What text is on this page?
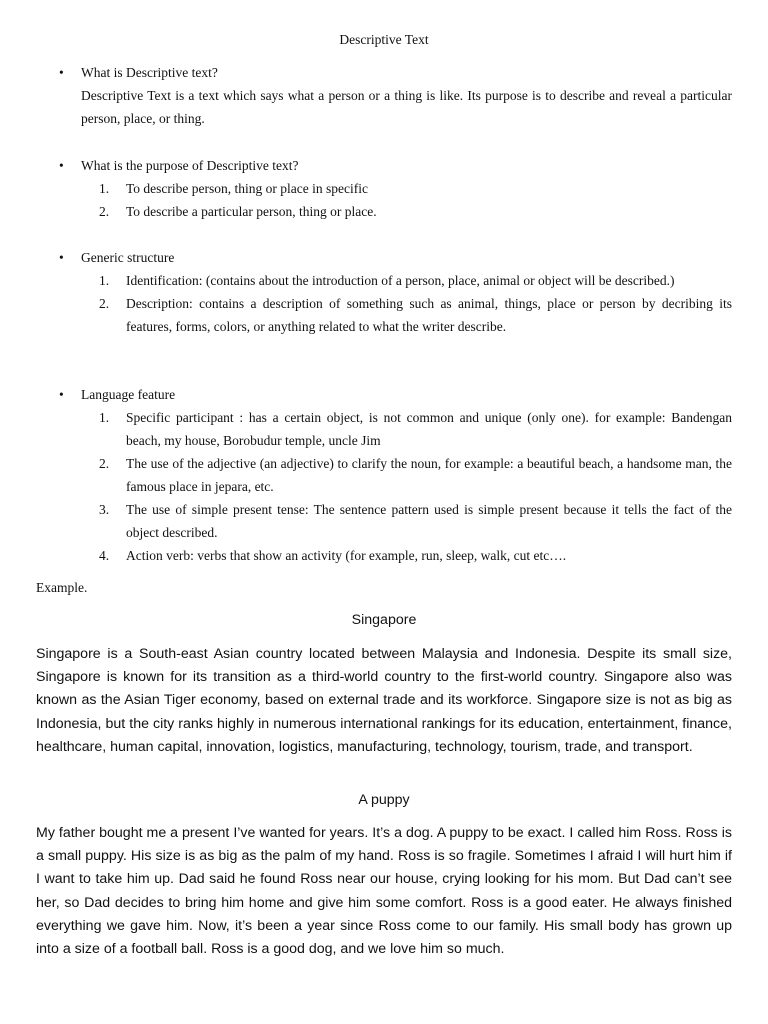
Descriptive Text
• What is Descriptive text?
Descriptive Text is a text which says what a person or a thing is like. Its purpose is to describe and reveal a particular person, place, or thing.
• What is the purpose of Descriptive text?
1. To describe person, thing or place in specific
2. To describe a particular person, thing or place.
• Generic structure
1. Identification: (contains about the introduction of a person, place, animal or object will be described.)
2. Description: contains a description of something such as animal, things, place or person by decribing its features, forms, colors, or anything related to what the writer describe.
• Language feature
1. Specific participant : has a certain object, is not common and unique (only one). for example: Bandengan beach, my house, Borobudur temple, uncle Jim
2. The use of the adjective (an adjective) to clarify the noun, for example: a beautiful beach, a handsome man, the famous place in jepara, etc.
3. The use of simple present tense: The sentence pattern used is simple present because it tells the fact of the object described.
4. Action verb: verbs that show an activity (for example, run, sleep, walk, cut etc….
Example.
Singapore

Singapore is a South-east Asian country located between Malaysia and Indonesia. Despite its small size, Singapore is known for its transition as a third-world country to the first-world country. Singapore also was known as the Asian Tiger economy, based on external trade and its workforce. Singapore size is not as big as Indonesia, but the city ranks highly in numerous international rankings for its education, entertainment, finance, healthcare, human capital, innovation, logistics, manufacturing, technology, tourism, trade, and transport.

A puppy

My father bought me a present I’ve wanted for years. It’s a dog. A puppy to be exact. I called him Ross. Ross is a small puppy. His size is as big as the palm of my hand. Ross is so fragile. Sometimes I afraid I will hurt him if I want to take him up. Dad said he found Ross near our house, crying looking for his mom. But Dad can’t see her, so Dad decides to bring him home and give him some comfort. Ross is a good eater. He always finished everything we gave him. Now, it’s been a year since Ross come to our family. His small body has grown up into a size of a football ball. Ross is a good dog, and we love him so much.
